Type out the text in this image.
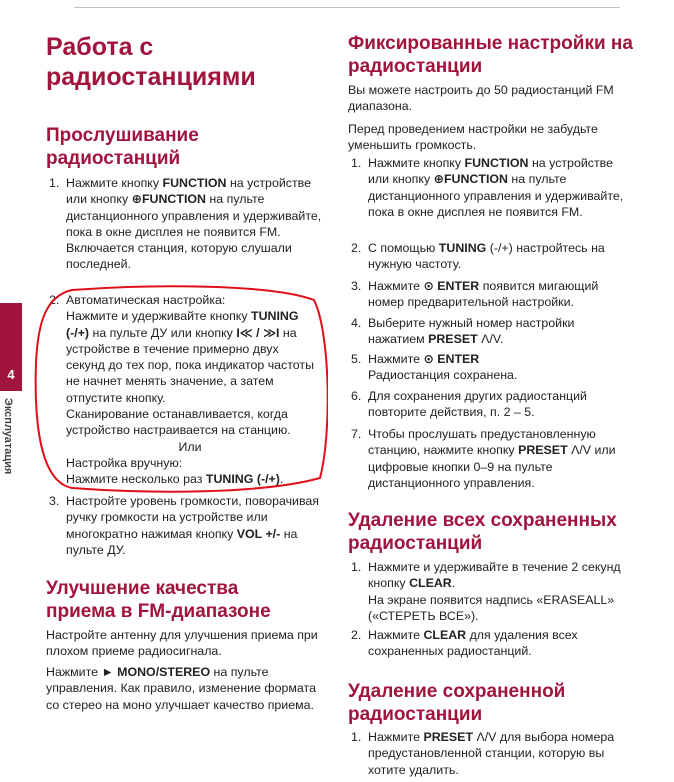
4
Эксплуатация
Работа с радиостанциями
Прослушивание радиостанций
1. Нажмите кнопку FUNCTION на устройстве или кнопку ⊕FUNCTION на пульте дистанционного управления и удерживайте, пока в окне дисплея не появится FM.
Включается станция, которую слушали последней.
2. Автоматическая настройка:
Нажмите и удерживайте кнопку TUNING (-/+) на пульте ДУ или кнопку I≪ / ≫I на устройстве в течение примерно двух секунд до тех пор, пока индикатор частоты не начнет менять значение, а затем отпустите кнопку.
Сканирование останавливается, когда устройство настраивается на станцию.
Или
Настройка вручную:
Нажмите несколько раз TUNING (-/+).
3. Настройте уровень громкости, поворачивая ручку громкости на устройстве или многократно нажимая кнопку VOL +/- на пульте ДУ.
Улучшение качества приема в FM-диапазоне

Настройте антенну для улучшения приема при плохом приеме радиосигнала.

Нажмите ► MONO/STEREO на пульте управления. Как правило, изменение формата со стерео на моно улучшает качество приема.

Фиксированные настройки на радиостанции

Вы можете настроить до 50 радиостанций FM диапазона.

Перед проведением настройки не забудьте уменьшить громкость.

1. Нажмите кнопку FUNCTION на устройстве или кнопку ⊕FUNCTION на пульте дистанционного управления и удерживайте, пока в окне дисплея не появится FM.
2. С помощью TUNING (-/+) настройтесь на нужную частоту.
3. Нажмите ⊙ ENTER появится мигающий номер предварительной настройки.
4. Выберите нужный номер настройки нажатием PRESET Λ/V.
5. Нажмите ⊙ ENTER
Радиостанция сохранена.
6. Для сохранения других радиостанций повторите действия, п. 2 – 5.
7. Чтобы прослушать предустановленную станцию, нажмите кнопку PRESET Λ/V или цифровые кнопки 0–9 на пульте дистанционного управления.
Удаление всех сохраненных радиостанций
1. Нажмите и удерживайте в течение 2 секунд кнопку CLEAR.
На экране появится надпись «ERASEALL» («СТЕРЕТЬ ВСЕ»).
2. Нажмите CLEAR для удаления всех сохраненных радиостанций.
Удаление сохраненной радиостанции
1. Нажмите PRESET Λ/V для выбора номера предустановленной станции, которую вы хотите удалить.
